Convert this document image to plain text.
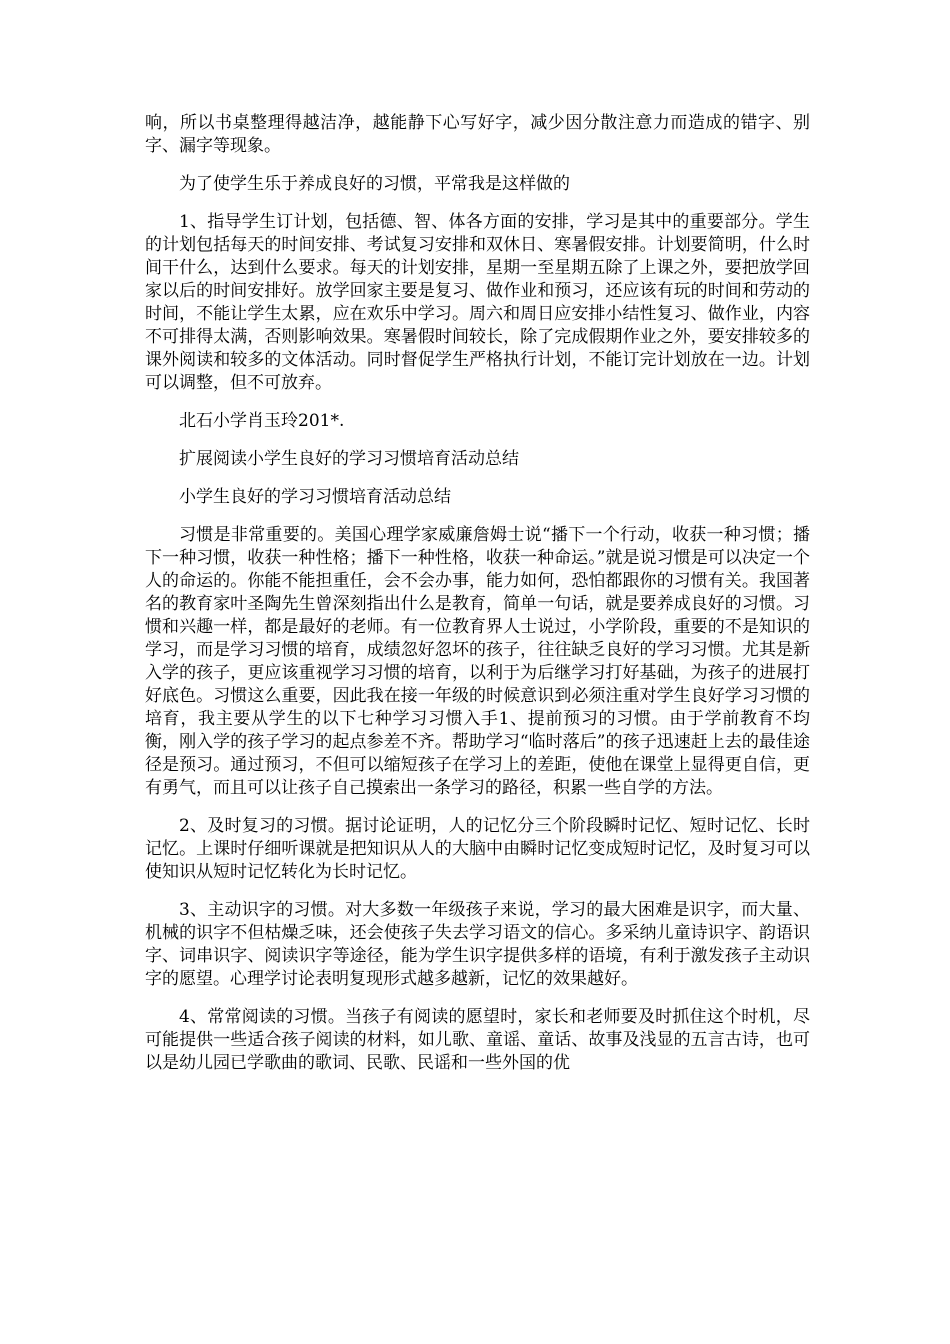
响，所以书桌整理得越洁净，越能静下心写好字，减少因分散注意力而造成的错字、别字、漏字等现象。

为了使学生乐于养成良好的习惯，平常我是这样做的

1、指导学生订计划，包括德、智、体各方面的安排，学习是其中的重要部分。学生的计划包括每天的时间安排、考试复习安排和双休日、寒暑假安排。计划要简明，什么时间干什么，达到什么要求。每天的计划安排，星期一至星期五除了上课之外，要把放学回家以后的时间安排好。放学回家主要是复习、做作业和预习，还应该有玩的时间和劳动的时间，不能让学生太累，应在欢乐中学习。周六和周日应安排小结性复习、做作业，内容不可排得太满，否则影响效果。寒暑假时间较长，除了完成假期作业之外，要安排较多的课外阅读和较多的文体活动。同时督促学生严格执行计划，不能订完计划放在一边。计划可以调整，但不可放弃。

北石小学肖玉玲201*.

扩展阅读小学生良好的学习习惯培育活动总结

小学生良好的学习习惯培育活动总结

习惯是非常重要的。美国心理学家威廉詹姆士说“播下一个行动，收获一种习惯；播下一种习惯，收获一种性格；播下一种性格，收获一种命运。”就是说习惯是可以决定一个人的命运的。你能不能担重任，会不会办事，能力如何，恐怕都跟你的习惯有关。我国著名的教育家叶圣陶先生曾深刻指出什么是教育，简单一句话，就是要养成良好的习惯。习惯和兴趣一样，都是最好的老师。有一位教育界人士说过，小学阶段，重要的不是知识的学习，而是学习习惯的培育，成绩忽好忽坏的孩子，往往缺乏良好的学习习惯。尤其是新入学的孩子，更应该重视学习习惯的培育，以利于为后继学习打好基础，为孩子的进展打好底色。习惯这么重要，因此我在接一年级的时候意识到必须注重对学生良好学习习惯的培育，我主要从学生的以下七种学习习惯入手1、提前预习的习惯。由于学前教育不均衡，刚入学的孩子学习的起点参差不齐。帮助学习“临时落后”的孩子迅速赶上去的最佳途径是预习。通过预习，不但可以缩短孩子在学习上的差距，使他在课堂上显得更自信，更有勇气，而且可以让孩子自己摸索出一条学习的路径，积累一些自学的方法。

2、及时复习的习惯。据讨论证明，人的记忆分三个阶段瞬时记忆、短时记忆、长时记忆。上课时仔细听课就是把知识从人的大脑中由瞬时记忆变成短时记忆，及时复习可以使知识从短时记忆转化为长时记忆。

3、主动识字的习惯。对大多数一年级孩子来说，学习的最大困难是识字，而大量、机械的识字不但枯燥乏味，还会使孩子失去学习语文的信心。多采纳儿童诗识字、韵语识字、词串识字、阅读识字等途径，能为学生识字提供多样的语境，有利于激发孩子主动识字的愿望。心理学讨论表明复现形式越多越新，记忆的效果越好。

4、常常阅读的习惯。当孩子有阅读的愿望时，家长和老师要及时抓住这个时机，尽可能提供一些适合孩子阅读的材料，如儿歌、童谣、童话、故事及浅显的五言古诗，也可以是幼儿园已学歌曲的歌词、民歌、民谣和一些外国的优
